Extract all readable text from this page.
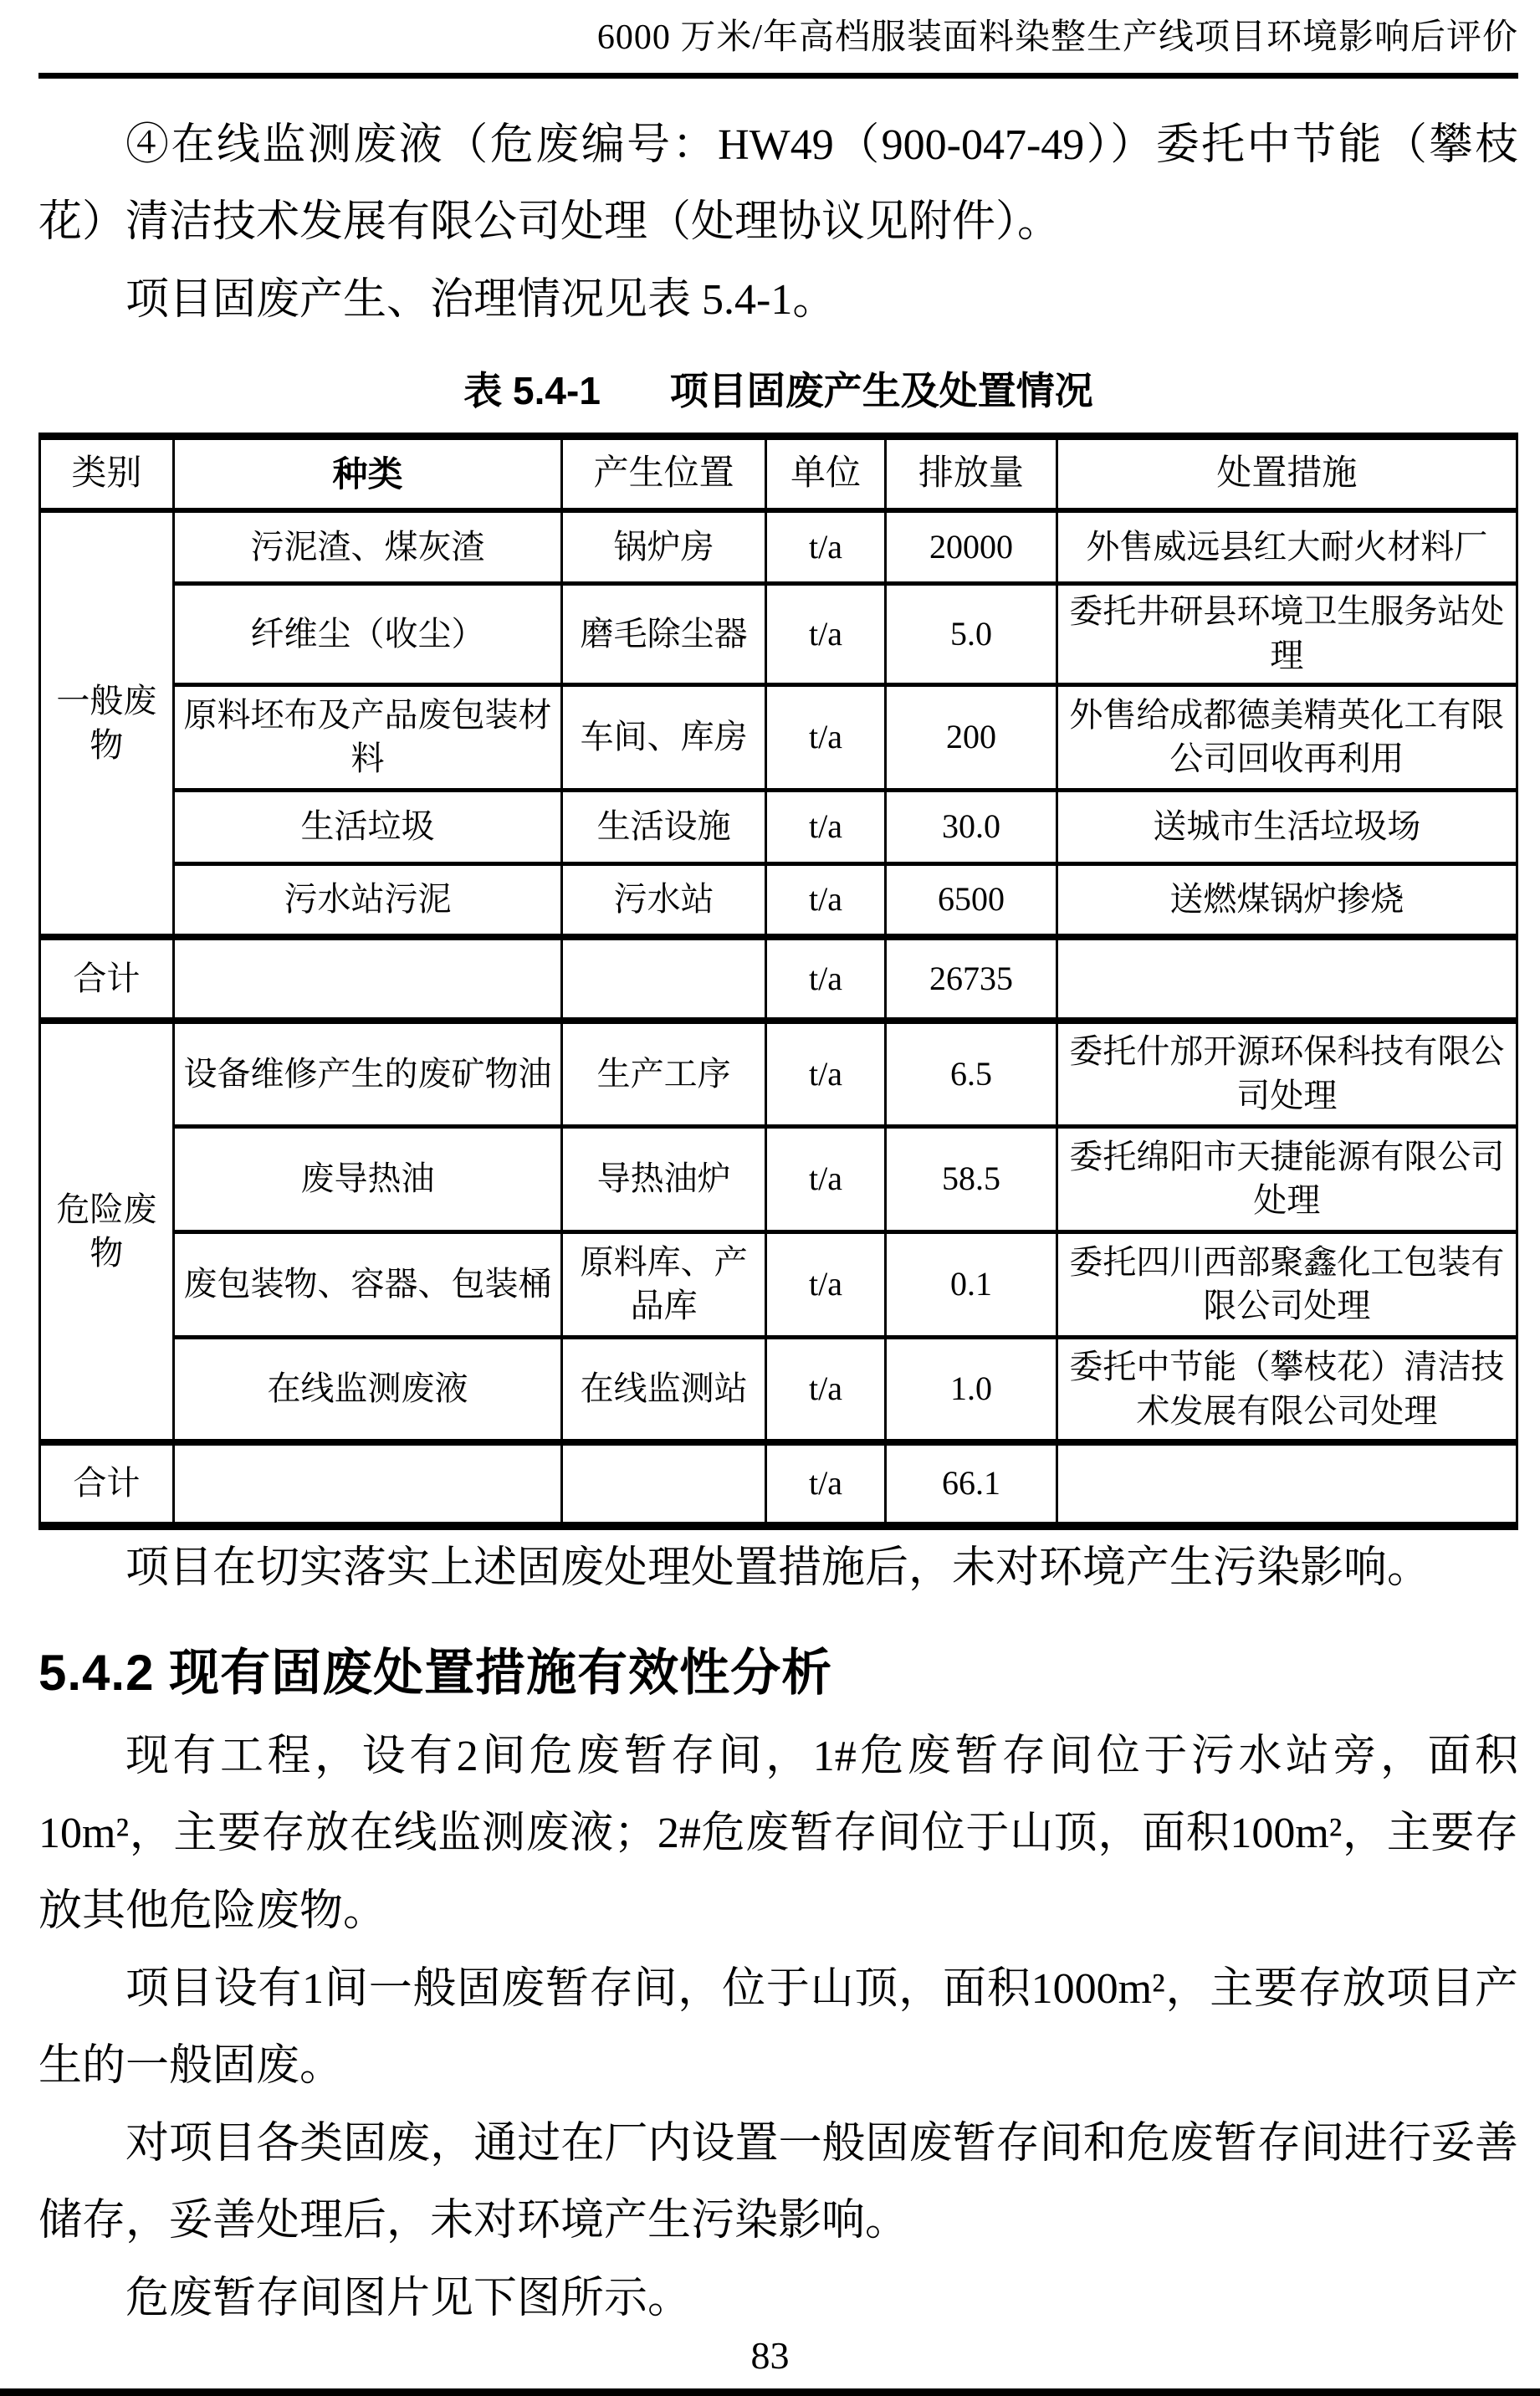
6000 万米/年高档服装面料染整生产线项目环境影响后评价

④在线监测废液（危废编号：HW49（900-047-49））委托中节能（攀枝花）清洁技术发展有限公司处理（处理协议见附件）。

项目固废产生、治理情况见表 5.4-1。

表 5.4-1 项目固废产生及处置情况
类别	种类	产生位置	单位	排放量	处置措施
一般废物	污泥渣、煤灰渣	锅炉房	t/a	20000	外售威远县红大耐火材料厂
	纤维尘（收尘）	磨毛除尘器	t/a	5.0	委托井研县环境卫生服务站处理
	原料坯布及产品废包装材料	车间、库房	t/a	200	外售给成都德美精英化工有限公司回收再利用
	生活垃圾	生活设施	t/a	30.0	送城市生活垃圾场
	污水站污泥	污水站	t/a	6500	送燃煤锅炉掺烧
合计			t/a	26735	
危险废物	设备维修产生的废矿物油	生产工序	t/a	6.5	委托什邡开源环保科技有限公司处理
	废导热油	导热油炉	t/a	58.5	委托绵阳市天捷能源有限公司处理
	废包装物、容器、包装桶	原料库、产品库	t/a	0.1	委托四川西部聚鑫化工包装有限公司处理
	在线监测废液	在线监测站	t/a	1.0	委托中节能（攀枝花）清洁技术发展有限公司处理
合计			t/a	66.1	

项目在切实落实上述固废处理处置措施后，未对环境产生污染影响。

5.4.2 现有固废处置措施有效性分析

现有工程，设有2间危废暂存间，1#危废暂存间位于污水站旁，面积10m²，主要存放在线监测废液；2#危废暂存间位于山顶，面积100m²，主要存放其他危险废物。

项目设有1间一般固废暂存间，位于山顶，面积1000m²，主要存放项目产生的一般固废。

对项目各类固废，通过在厂内设置一般固废暂存间和危废暂存间进行妥善储存，妥善处理后，未对环境产生污染影响。

危废暂存间图片见下图所示。

83
